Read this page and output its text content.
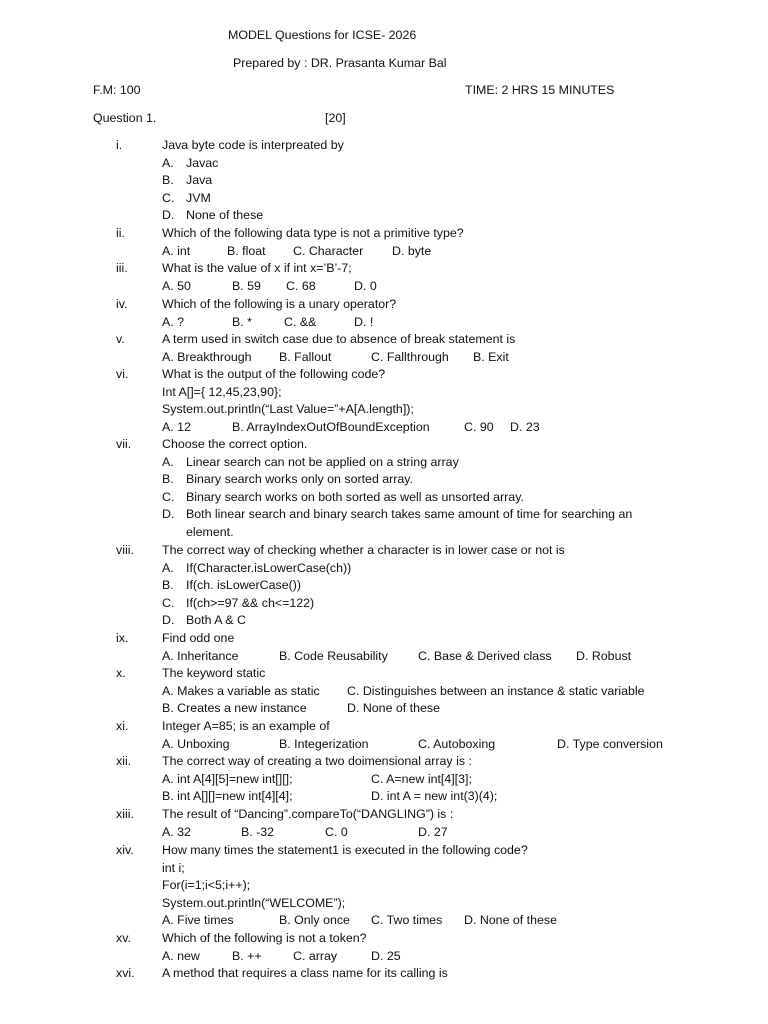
MODEL Questions for ICSE- 2026
Prepared by : DR. Prasanta Kumar Bal
F.M: 100	TIME: 2 HRS 15 MINUTES
Question 1.	[20]
i.	Java byte code is interpreated by
A. Javac
B. Java
C. JVM
D. None of these
ii.	Which of the following data type is not a primitive type?
A. int	B. float C. Character D. byte
iii.	What is the value of x if int x=’B’-7;
A. 50	B. 59 C. 68	D. 0
iv.	Which of the following is a unary operator?
A. ?	B. *	C. &&	D. !
v.	A term used in switch case due to absence of break statement is
A. Breakthrough B. Fallout	C. Fallthrough B. Exit
vi.	What is the output of the following code?
Int A[]={ 12,45,23,90};
System.out.println(“Last Value=”+A[A.length]);
A. 12	B. ArrayIndexOutOfBoundException	C. 90 D. 23
vii. Choose the correct option.
A. Linear search can not be applied on a string array
B. Binary search works only on sorted array.
C. Binary search works on both sorted as well as unsorted array.
D. Both linear search and binary search takes same amount of time for searching an element.
viii. The correct way of checking whether a character is in lower case or not is
A. If(Character.isLowerCase(ch))
B. If(ch. isLowerCase())
C. If(ch>=97 && ch<=122)
D. Both A & C
ix.	Find odd one
A. Inheritance	B. Code Reusability C. Base & Derived class D. Robust
x.	The keyword static
A. Makes a variable as static C. Distinguishes between an instance & static variable
B. Creates a new instance	D. None of these
xi.	Integer A=85; is an example of
A. Unboxing	B. Integerization	C. Autoboxing	D. Type conversion
xii. The correct way of creating a two doimensional array is :
A. int A[4][5]=new int[][];	C. A=new int[4][3];
B. int A[][]=new int[4][4];	D. int A = new int(3)(4);
xiii. The result of “Dancing”.compareTo(“DANGLING”) is :
A. 32	B. -32	C. 0	D. 27
xiv. How many times the statement1 is executed in the following code?
int i;
For(i=1;i<5;i++);
System.out.println(“WELCOME”);
A. Five times	B. Only once C. Two times D. None of these
xv.	Which of the following is not a token?
A. new	B. ++	C. array	D. 25
xvi. A method that requires a class name for its calling is
